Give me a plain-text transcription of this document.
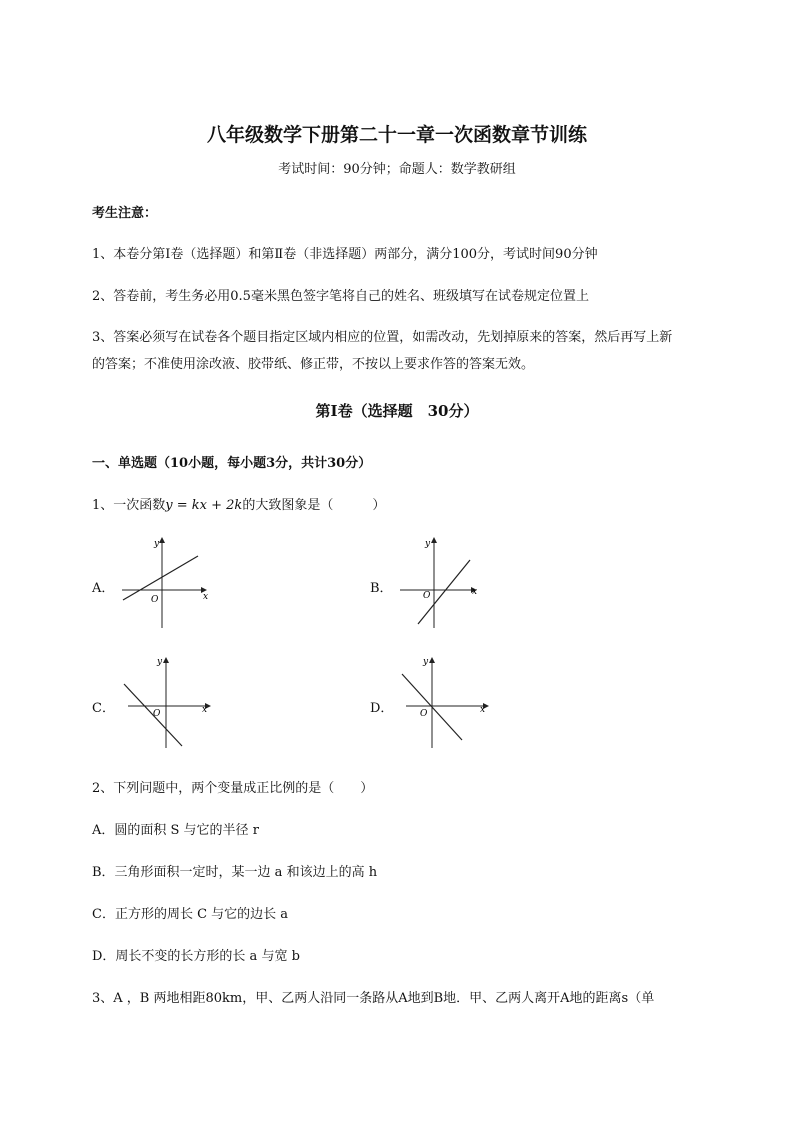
八年级数学下册第二十一章一次函数章节训练
考试时间：90分钟；命题人：数学教研组
考生注意：
1、本卷分第I卷（选择题）和第Ⅱ卷（非选择题）两部分，满分100分，考试时间90分钟
2、答卷前，考生务必用0.5毫米黑色签字笔将自己的姓名、班级填写在试卷规定位置上
3、答案必须写在试卷各个题目指定区域内相应的位置，如需改动，先划掉原来的答案，然后再写上新
的答案；不准使用涂改液、胶带纸、修正带，不按以上要求作答的答案无效。
第I卷（选择题　30分）
一、单选题（10小题，每小题3分，共计30分）
1、一次函数y = kx + 2k的大致图象是（　　　）
A．	B．
C．	D．
y
x
O
y
x
O
y
x
O
y
x
O
2、下列问题中，两个变量成正比例的是（　　）
A．圆的面积 S 与它的半径 r
B．三角形面积一定时，某一边 a 和该边上的高 h
C．正方形的周长 C 与它的边长 a
D．周长不变的长方形的长 a 与宽 b
3、A ，B 两地相距80km，甲、乙两人沿同一条路从A地到B地．甲、乙两人离开A地的距离s（单
